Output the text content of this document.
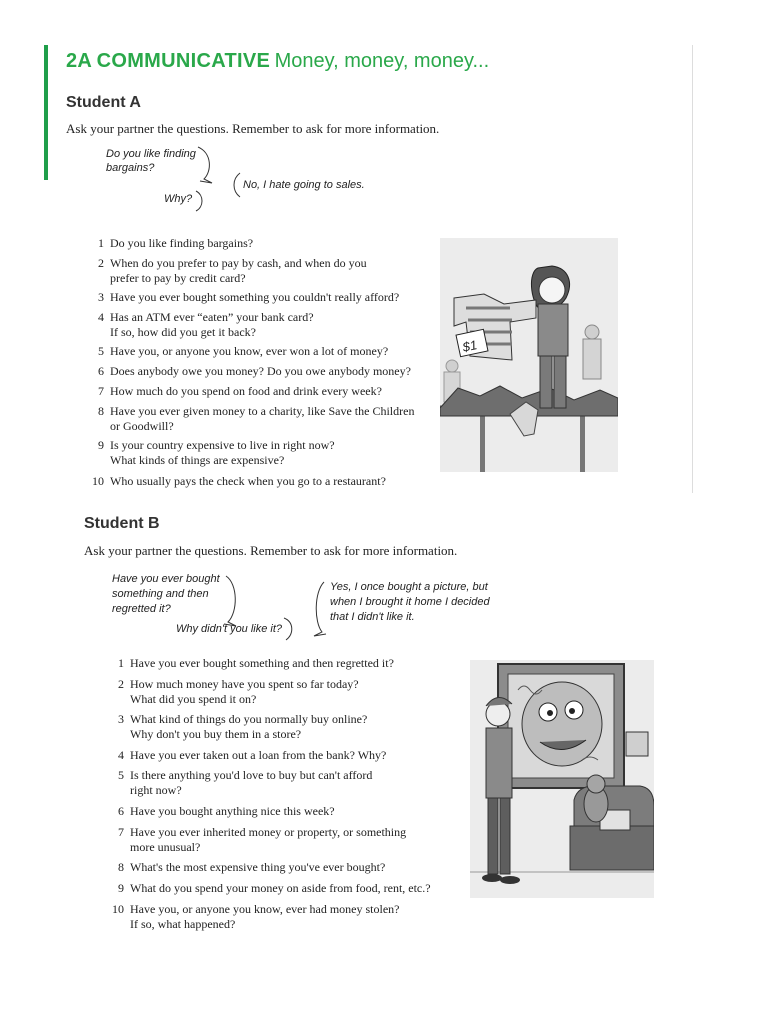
2A COMMUNICATIVE Money, money, money...
Student A
Ask your partner the questions. Remember to ask for more information.
Do you like finding
bargains?
No, I hate going to sales.
Why?
1 Do you like finding bargains?
2 When do you prefer to pay by cash, and when do you
prefer to pay by credit card?
3 Have you ever bought something you couldn't really afford?
4 Has an ATM ever “eaten” your bank card?
If so, how did you get it back?
5 Have you, or anyone you know, ever won a lot of money?
6 Does anybody owe you money? Do you owe anybody money?
7 How much do you spend on food and drink every week?
8 Have you ever given money to a charity, like Save the Children
or Goodwill?
9 Is your country expensive to live in right now?
What kinds of things are expensive?
10 Who usually pays the check when you go to a restaurant?
$1
Student B
Ask your partner the questions. Remember to ask for more information.
Have you ever bought
something and then
regretted it?
Yes, I once bought a picture, but
when I brought it home I decided
that I didn't like it.
Why didn't you like it?
1 Have you ever bought something and then regretted it?
2 How much money have you spent so far today?
What did you spend it on?
3 What kind of things do you normally buy online?
Why don't you buy them in a store?
4 Have you ever taken out a loan from the bank? Why?
5 Is there anything you'd love to buy but can't afford
right now?
6 Have you bought anything nice this week?
7 Have you ever inherited money or property, or something
more unusual?
8 What's the most expensive thing you've ever bought?
9 What do you spend your money on aside from food, rent, etc.?
10 Have you, or anyone you know, ever had money stolen?
If so, what happened?
